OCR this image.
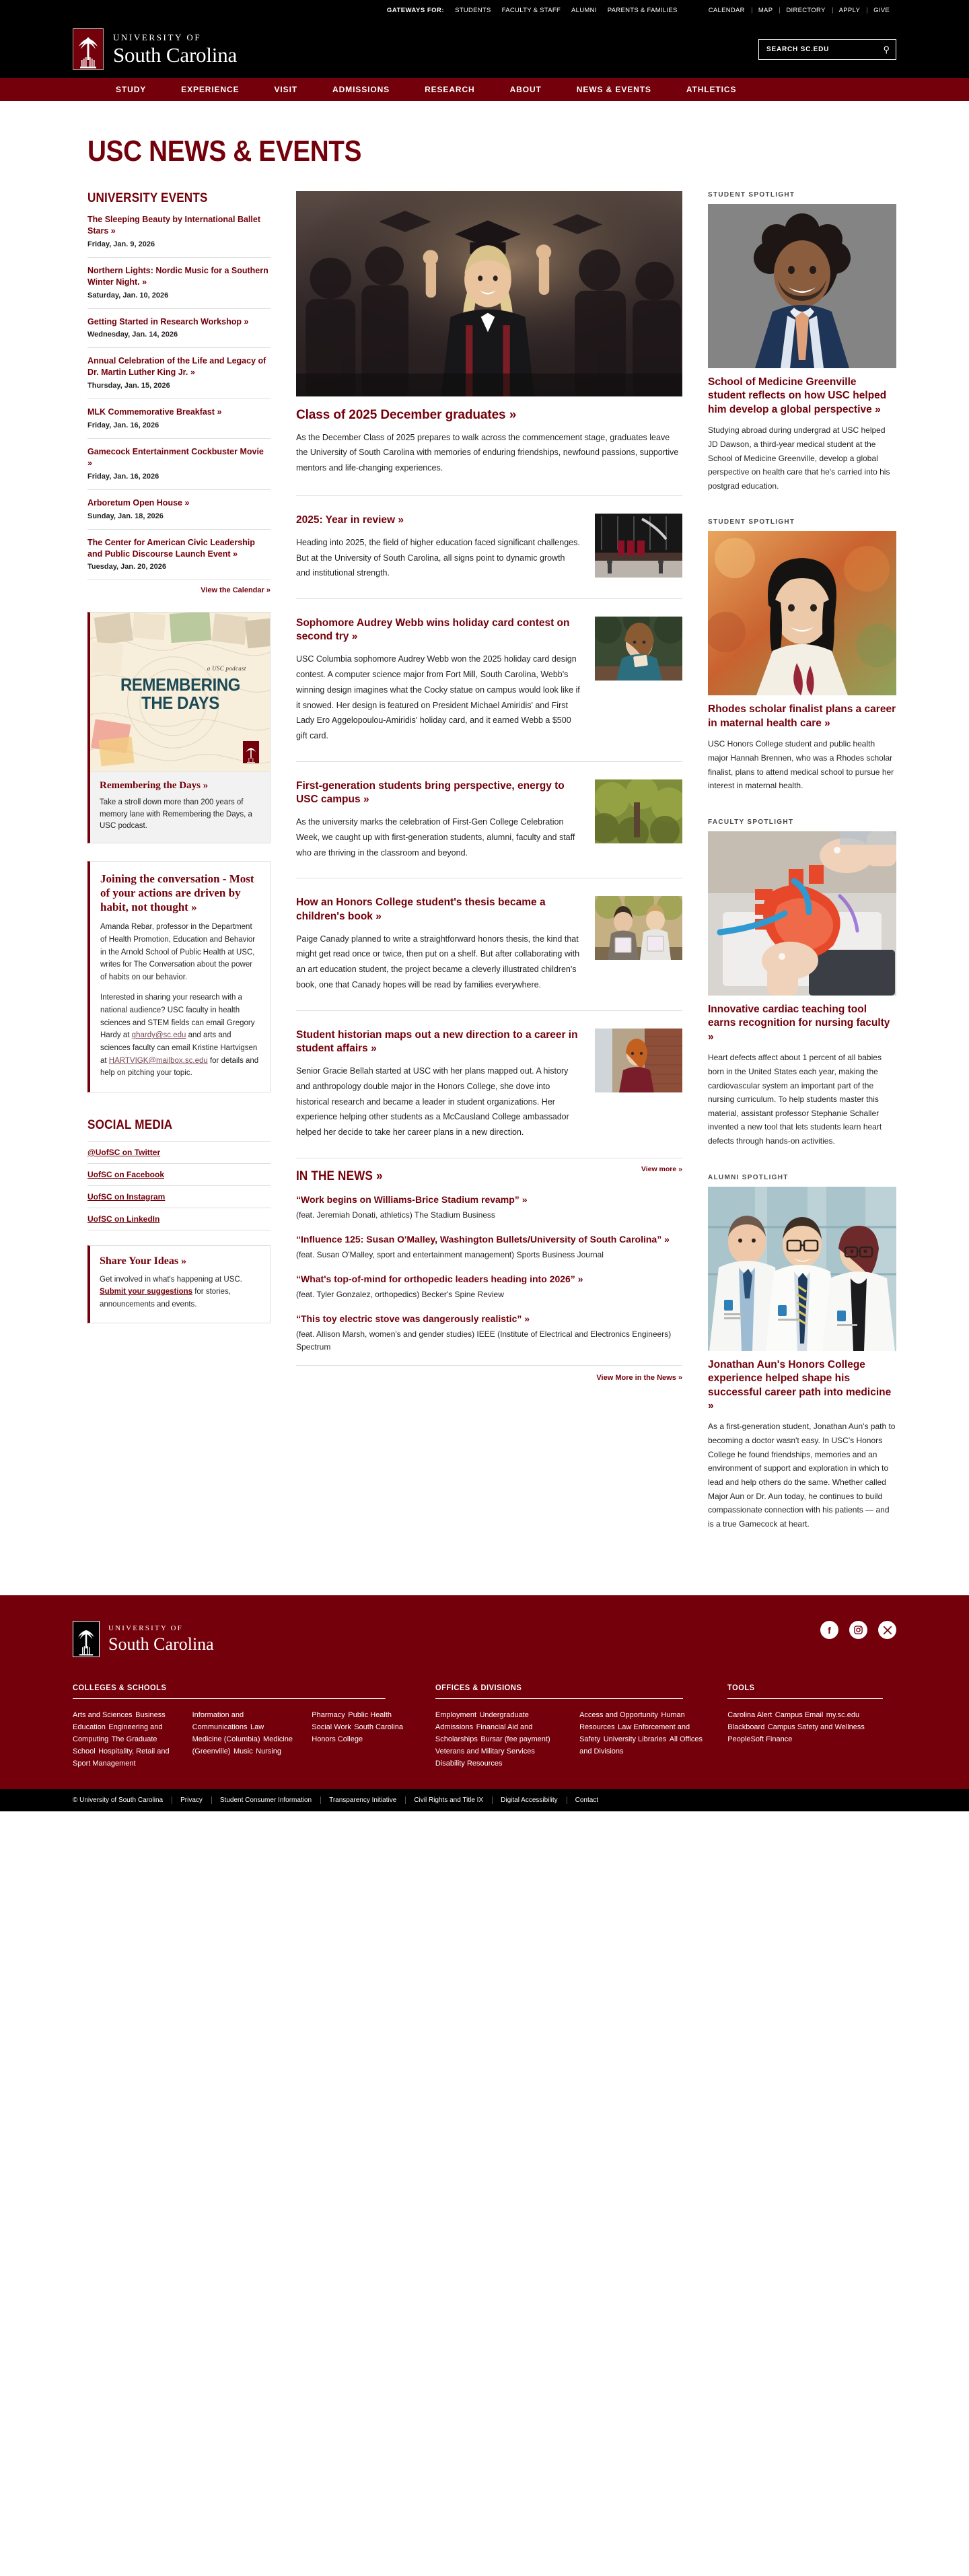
GATEWAYS FOR:	STUDENTS	FACULTY & STAFF	ALUMNI	PARENTS & FAMILIES	CALENDAR	MAP	DIRECTORY	APPLY	GIVE
UNIVERSITY OF
South Carolina
SEARCH SC.EDU	⚲
STUDY	EXPERIENCE	VISIT	ADMISSIONS	RESEARCH	ABOUT	NEWS & EVENTS	ATHLETICS
USC NEWS & EVENTS
UNIVERSITY EVENTS
The Sleeping Beauty by International Ballet Stars »
Friday, Jan. 9, 2026
Northern Lights: Nordic Music for a Southern Winter Night. »
Saturday, Jan. 10, 2026
Getting Started in Research Workshop »
Wednesday, Jan. 14, 2026
Annual Celebration of the Life and Legacy of Dr. Martin Luther King Jr. »
Thursday, Jan. 15, 2026
MLK Commemorative Breakfast »
Friday, Jan. 16, 2026
Gamecock Entertainment Cockbuster Movie »
Friday, Jan. 16, 2026
Arboretum Open House »
Sunday, Jan. 18, 2026
The Center for American Civic Leadership and Public Discourse Launch Event »
Tuesday, Jan. 20, 2026
View the Calendar »
a USC podcast
REMEMBERING
THE DAYS
Remembering the Days »
Take a stroll down more than 200 years of memory lane with Remembering the Days, a USC podcast.
Joining the conversation - Most of your actions are driven by habit, not thought »

Amanda Rebar, professor in the Department of Health Promotion, Education and Behavior in the Arnold School of Public Health at USC, writes for The Conversation about the power of habits on our behavior.

Interested in sharing your research with a national audience? USC faculty in health sciences and STEM fields can email Gregory Hardy at ghardy@sc.edu and arts and sciences faculty can email Kristine Hartvigsen at HARTVIGK@mailbox.sc.edu for details and help on pitching your topic.

SOCIAL MEDIA
@UofSC on Twitter
UofSC on Facebook
UofSC on Instagram
UofSC on LinkedIn
Share Your Ideas »
Get involved in what's happening at USC. Submit your suggestions for stories, announcements and events.
Class of 2025 December graduates »

As the December Class of 2025 prepares to walk across the commencement stage, graduates leave the University of South Carolina with memories of enduring friendships, newfound passions, supportive mentors and life-changing experiences.

2025: Year in review »

Heading into 2025, the field of higher education faced significant challenges. But at the University of South Carolina, all signs point to dynamic growth and institutional strength.

Sophomore Audrey Webb wins holiday card contest on second try »

USC Columbia sophomore Audrey Webb won the 2025 holiday card design contest. A computer science major from Fort Mill, South Carolina, Webb's winning design imagines what the Cocky statue on campus would look like if it snowed. Her design is featured on President Michael Amiridis' and First Lady Ero Aggelopoulou-Amiridis' holiday card, and it earned Webb a $500 gift card.

First-generation students bring perspective, energy to USC campus »

As the university marks the celebration of First-Gen College Celebration Week, we caught up with first-generation students, alumni, faculty and staff who are thriving in the classroom and beyond.

How an Honors College student's thesis became a children's book »

Paige Canady planned to write a straightforward honors thesis, the kind that might get read once or twice, then put on a shelf. But after collaborating with an art education student, the project became a cleverly illustrated children's book, one that Canady hopes will be read by families everywhere.

Student historian maps out a new direction to a career in student affairs »

Senior Gracie Bellah started at USC with her plans mapped out. A history and anthropology double major in the Honors College, she dove into historical research and became a leader in student organizations. Her experience helping other students as a McCausland College ambassador helped her decide to take her career plans in a new direction.

View more »
IN THE NEWS »
“Work begins on Williams-Brice Stadium revamp” »
(feat. Jeremiah Donati, athletics) The Stadium Business
“Influence 125: Susan O'Malley, Washington Bullets/University of South Carolina” »
(feat. Susan O'Malley, sport and entertainment management) Sports Business Journal
“What's top-of-mind for orthopedic leaders heading into 2026” »
(feat. Tyler Gonzalez, orthopedics) Becker's Spine Review
“This toy electric stove was dangerously realistic” »
(feat. Allison Marsh, women's and gender studies) IEEE (Institute of Electrical and Electronics Engineers) Spectrum
View More in the News »
STUDENT SPOTLIGHT
School of Medicine Greenville student reflects on how USC helped him develop a global perspective »

Studying abroad during undergrad at USC helped JD Dawson, a third-year medical student at the School of Medicine Greenville, develop a global perspective on health care that he's carried into his postgrad education.

STUDENT SPOTLIGHT
Rhodes scholar finalist plans a career in maternal health care »

USC Honors College student and public health major Hannah Brennen, who was a Rhodes scholar finalist, plans to attend medical school to pursue her interest in maternal health.

FACULTY SPOTLIGHT
Innovative cardiac teaching tool earns recognition for nursing faculty »

Heart defects affect about 1 percent of all babies born in the United States each year, making the cardiovascular system an important part of the nursing curriculum. To help students master this material, assistant professor Stephanie Schaller invented a new tool that lets students learn heart defects through hands-on activities.

ALUMNI SPOTLIGHT
Jonathan Aun's Honors College experience helped shape his successful career path into medicine »

As a first-generation student, Jonathan Aun's path to becoming a doctor wasn't easy. In USC's Honors College he found friendships, memories and an environment of support and exploration in which to lead and help others do the same. Whether called Major Aun or Dr. Aun today, he continues to build compassionate connection with his patients — and is a true Gamecock at heart.

UNIVERSITY OF
South Carolina
f
COLLEGES & SCHOOLS
Arts and Sciences Business Education Engineering and Computing The Graduate School Hospitality, Retail and Sport Management
Information and Communications Law Medicine (Columbia) Medicine (Greenville) Music Nursing
Pharmacy Public Health Social Work South Carolina Honors College
OFFICES & DIVISIONS
Employment Undergraduate Admissions Financial Aid and Scholarships Bursar (fee payment) Veterans and Military Services Disability Resources
Access and Opportunity Human Resources Law Enforcement and Safety University Libraries All Offices and Divisions
TOOLS
Carolina Alert Campus Email my.sc.edu Blackboard Campus Safety and Wellness PeopleSoft Finance
© University of South Carolina	Privacy	Student Consumer Information	Transparency Initiative	Civil Rights and Title IX	Digital Accessibility	Contact
